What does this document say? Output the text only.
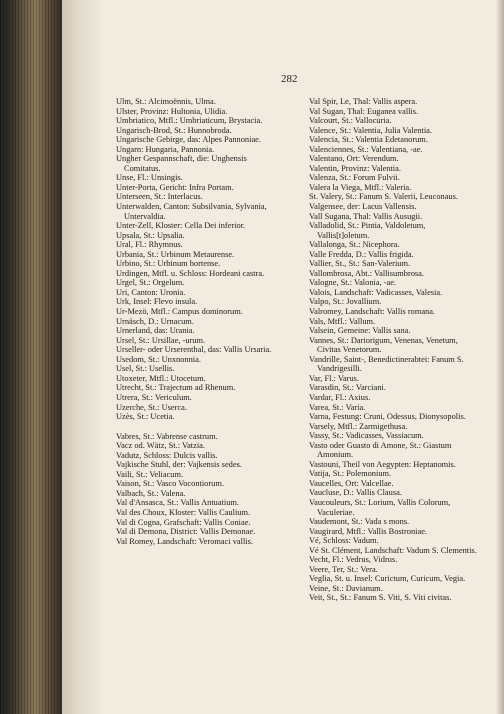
282

Ulm, St.: Alcimoënnis, Ulma.

Ulster, Provinz: Hultonia, Ulidia.

Umbriatico, Mtfl.: Umbriaticum, Brystacia.

Ungarisch-Brod, St.: Hunnobroda.

Ungarische Gebirge, das: Alpes Pannoniae.

Ungarn: Hungaria, Pannonia.

Ungher Gespannschaft, die: Unghensis Comitatus.

Unse, Fl.: Unsingis.

Unter-Porta, Gericht: Infra Portam.

Unterseen, St.: Interlacus.

Unterwalden, Canton: Subsilvania, Sylvania, Untervaldia.

Unter-Zell, Kloster: Cella Dei inferior.

Upsala, St.: Upsalia.

Ural, Fl.: Rhymnus.

Urbania, St.: Urbinum Metaurense.

Urbino, St.: Urbinum hortense.

Urdingen, Mtfl. u. Schloss: Hordeani castra.

Urgel, St.: Orgelum.

Uri, Canton: Uronia.

Urk, Insel: Flevo insula.

Ur-Mezö, Mtfl.: Campus dominorum.

Urnäsch, D.: Urnacum.

Urnerland, das: Urania.

Ursel, St.: Ursillae, -urum.

Urseller- oder Urserenthal, das: Vallis Ursaria.

Usedom, St.: Unxnonnia.

Usel, St.: Usellis.

Utoxeter, Mtfl.: Utocetum.

Utrecht, St.: Trajectum ad Rhenum.

Utrera, St.: Vericulum.

Uzerche, St.: Userca.

Uzès, St.: Ucetia.

Vabres, St.: Vabrense castrum.

Vacz od. Wätz, St.: Vatzia.

Vadutz, Schloss: Dulcis vallis.

Vajkische Stuhl, der: Vajkensis sedes.

Vaili, St.: Veliacum.

Vaison, St.: Vasco Vocontiorum.

Valbach, St.: Valena.

Val d'Ansasca, St.: Vallis Antuatium.

Val des Choux, Kloster: Vallis Caulium.

Val di Cogna, Grafschaft: Vallis Coniae.

Val di Demona, District: Vallis Demonae.

Val Romey, Landschaft: Veromaci vallis.

Val Spir, Le, Thal: Vallis aspera.

Val Sugan, Thal: Euganea vallis.

Valcourt, St.: Vallocuria.

Valence, St.: Valentia, Julia Valentia.

Valencia, St.: Valentia Edetanorum.

Valenciennes, St.: Valentiana, -ae.

Valentano, Ort: Verendum.

Valentin, Provinz: Valentia.

Valenza, St.: Forum Fulvii.

Valera la Viega, Mtfl.: Valeria.

St. Valery, St.: Fanum S. Valerii, Leuconaus.

Valgensee, der: Lacus Vallensis.

Vall Sugana, Thal: Vallis Ausugii.

Valladolid, St.: Pintia, Valdoletum, Vallis[t]oletum.

Vallalonga, St.: Nicephora.

Valle Fredda, D.: Vallis frigida.

Vallier, St., St.: San-Valerium.

Vallombrosa, Abt.: Vallisumbrosa.

Valogne, St.: Valonia, -ae.

Valois, Landschaft: Vadicasses, Valesia.

Valpo, St.: Jovallium.

Valromey, Landschaft: Vallis romana.

Vals, Mtfl.: Vallum.

Valsein, Gemeine: Vallis sana.

Vannes, St.: Dariorigum, Venenas, Venetum, Civitas Venetorum.

Vandrille, Saint-, Benedictinerabtei: Fanum S. Vandrigesilli.

Var, Fl.: Varus.

Varasdin, St.: Varciani.

Vardar, Fl.: Axius.

Varea, St.: Varia.

Varna, Festung: Cruni, Odessus, Dionysopolis.

Varsely, Mtfl.: Zarmigethusa.

Vassy, St.: Vadicasses, Vassiacum.

Vasto oder Guasto di Amone, St.: Giastum Amonium.

Vastouni, Theil von Aegypten: Heptanomis.

Vatija, St.: Polemonium.

Vaucelles, Ort: Valcellae.

Vaucluse, D.: Vallis Clausa.

Vaucouleurs, St.: Lorium, Vallis Colorum, Vaculeriae.

Vaudemont, St.: Vada s mons.

Vaugirard, Mtfl.: Vallis Bostroniae.

Vé, Schloss: Vadum.

Vé St. Clément, Landschaft: Vadum S. Clementis.

Vecht, Fl.: Vedrus, Vidrus.

Veere, Ter, St.: Vera.

Veglia, St. u. Insel: Curictum, Curicum, Vegia.

Veine, St.: Davianum.

Veit, St., St.: Fanum S. Viti, S. Viti civitas.
